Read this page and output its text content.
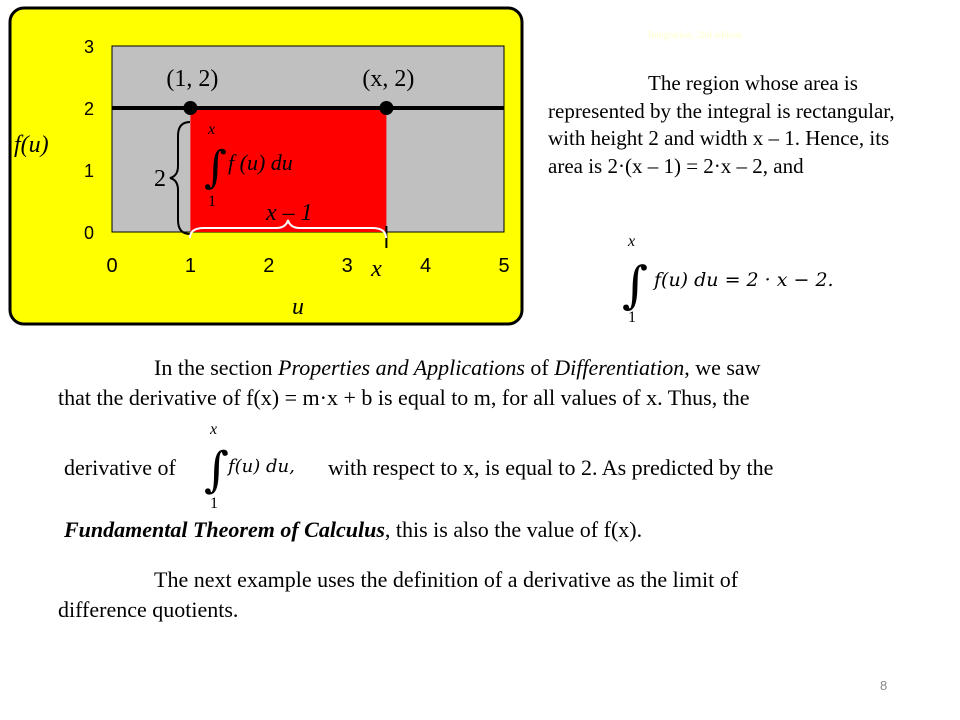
Integration, 2nd edition
0	1	2	3	4	5
0
1
2
3
(1, 2)	(x, 2)
2
x – 1
x
∫
1
f (u) du
f(u)
u
x
The region whose area is represented by the integral is rectangular, with height 2 and width x – 1. Hence, its area is 2·(x – 1) = 2·x – 2, and
x
∫
1
f(u) du = 2 · x − 2.
In the section Properties and Applications of Differentiation, we saw
that the derivative of f(x) = m·x + b is equal to m, for all values of x. Thus, the
derivative of
x
∫
1
f(u) du, with respect to x, is equal to 2. As predicted by the
Fundamental Theorem of Calculus, this is also the value of f(x).
The next example uses the definition of a derivative as the limit of
difference quotients.
8
